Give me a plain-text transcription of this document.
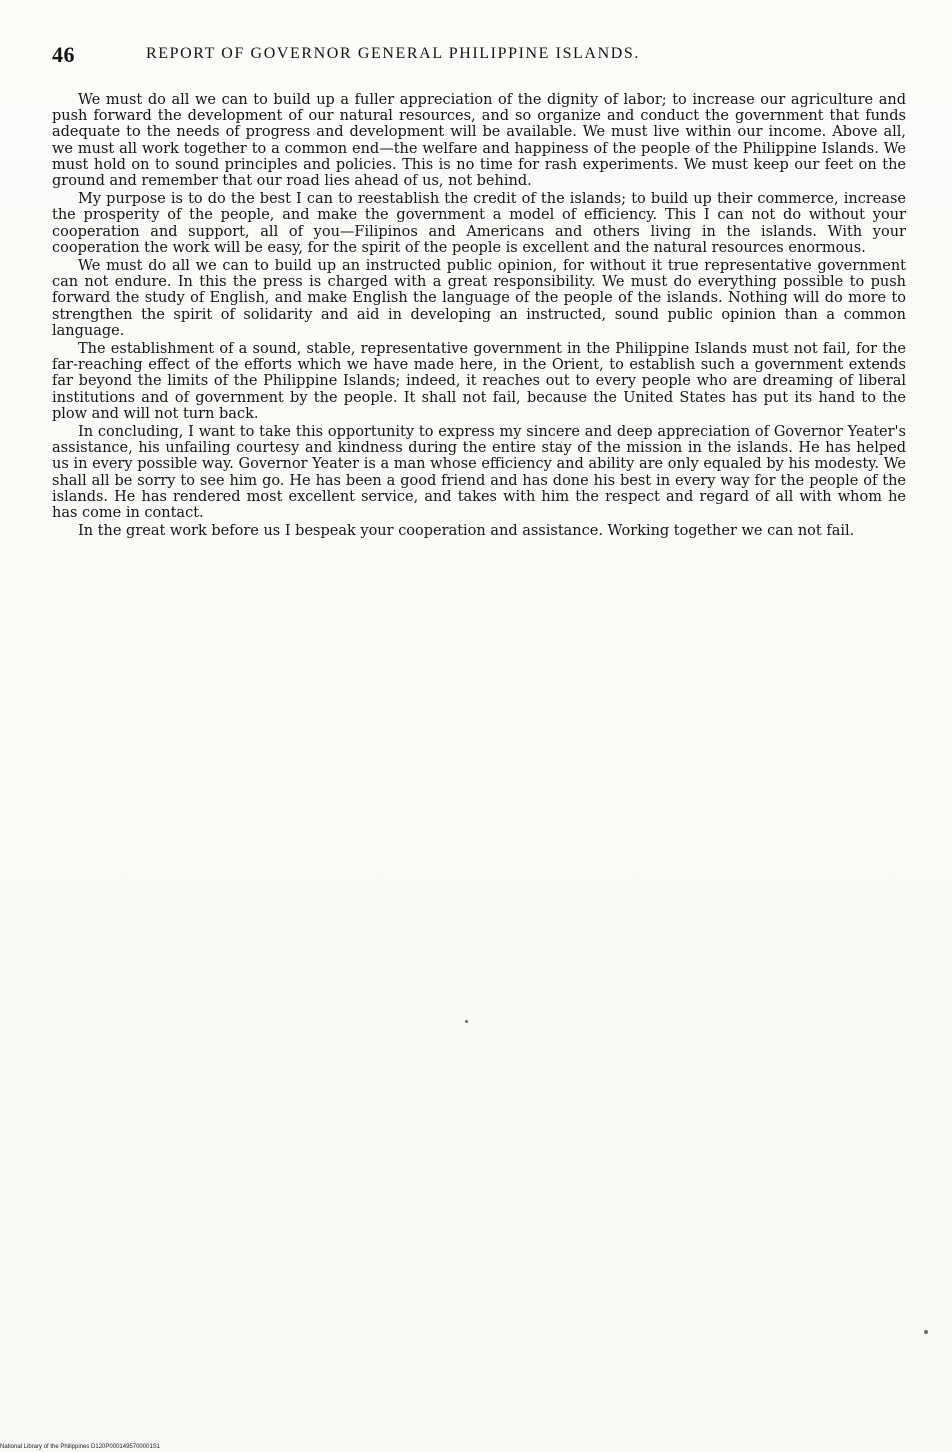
46	REPORT OF GOVERNOR GENERAL PHILIPPINE ISLANDS.

We must do all we can to build up a fuller appreciation of the dignity of labor; to increase our agriculture and push forward the development of our natural resources, and so organize and conduct the government that funds adequate to the needs of progress and development will be available. We must live within our income. Above all, we must all work together to a common end—the welfare and happiness of the people of the Philippine Islands. We must hold on to sound principles and policies. This is no time for rash experiments. We must keep our feet on the ground and remember that our road lies ahead of us, not behind.

My purpose is to do the best I can to reestablish the credit of the islands; to build up their commerce, increase the prosperity of the people, and make the government a model of efficiency. This I can not do without your cooperation and support, all of you—Filipinos and Americans and others living in the islands. With your cooperation the work will be easy, for the spirit of the people is excellent and the natural resources enormous.

We must do all we can to build up an instructed public opinion, for without it true representative government can not endure. In this the press is charged with a great responsibility. We must do everything possible to push forward the study of English, and make English the language of the people of the islands. Nothing will do more to strengthen the spirit of solidarity and aid in developing an instructed, sound public opinion than a common language.

The establishment of a sound, stable, representative government in the Philippine Islands must not fail, for the far-reaching effect of the efforts which we have made here, in the Orient, to establish such a government extends far beyond the limits of the Philippine Islands; indeed, it reaches out to every people who are dreaming of liberal institutions and of government by the people. It shall not fail, because the United States has put its hand to the plow and will not turn back.

In concluding, I want to take this opportunity to express my sincere and deep appreciation of Governor Yeater's assistance, his unfailing courtesy and kindness during the entire stay of the mission in the islands. He has helped us in every possible way. Governor Yeater is a man whose efficiency and ability are only equaled by his modesty. We shall all be sorry to see him go. He has been a good friend and has done his best in every way for the people of the islands. He has rendered most excellent service, and takes with him the respect and regard of all with whom he has come in contact.

In the great work before us I bespeak your cooperation and assistance. Working together we can not fail.

National Library of the Philippines D120P0001495700001S1
